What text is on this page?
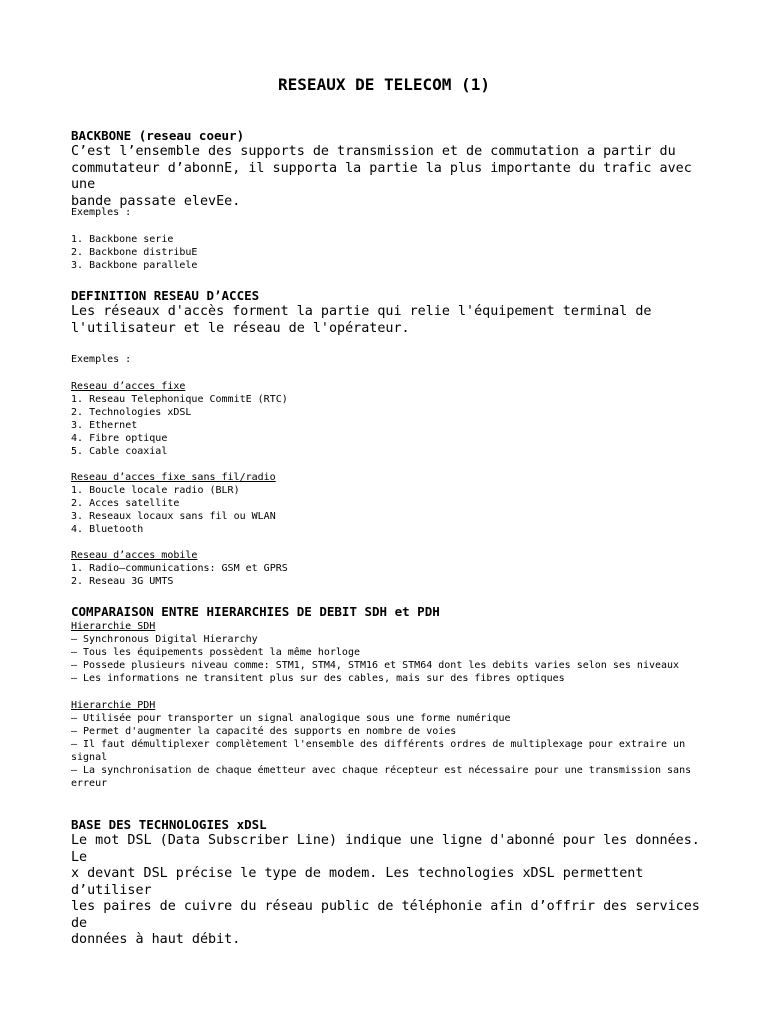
RESEAUX DE TELECOM (1)
BACKBONE (reseau coeur)
C’est l’ensemble des supports de transmission et de commutation a partir du
commutateur d’abonnE, il supporta la partie la plus importante du trafic avec une
bande passate elevEe.
Exemples :
1 . Backbone serie
2 . Backbone distribuE
3 . Backbone parallele
DEFINITION RESEAU D’ACCES
Les réseaux d'accès forment la partie qui relie l'équipement terminal de
l'utilisateur et le réseau de l'opérateur.
Exemples :
Reseau d’acces fixe
1 . Reseau Telephonique CommitE (RTC)
2 . Technologies xDSL
3 . Ethernet
4 . Fibre optique
5 . Cable coaxial
Reseau d’acces fixe sans fil/radio
1 . Boucle locale radio (BLR)
2 . Acces satellite
3 . Reseaux locaux sans fil ou WLAN
4 . Bluetooth
Reseau d’acces mobile
1 . Radio–communications: GSM et GPRS
2 . Reseau 3G UMTS
COMPARAISON ENTRE HIERARCHIES DE DEBIT SDH et PDH
Hierarchie SDH
– Synchronous Digital Hierarchy
– Tous les équipements possèdent la même horloge
– Possede plusieurs niveau comme: STM1, STM4, STM16 et STM64 dont les debits varies selon ses niveaux
– Les informations ne transitent plus sur des cables, mais sur des fibres optiques
Hierarchie PDH
– Utilisée pour transporter un signal analogique sous une forme numérique
– Permet d'augmenter la capacité des supports en nombre de voies
– Il faut démultiplexer complètement l'ensemble des différents ordres de multiplexage pour extraire un
signal
– La synchronisation de chaque émetteur avec chaque récepteur est nécessaire pour une transmission sans
erreur
BASE DES TECHNOLOGIES xDSL
Le mot DSL (Data Subscriber Line) indique une ligne d'abonné pour les données. Le
x devant DSL précise le type de modem. Les technologies xDSL permettent d’utiliser
les paires de cuivre du réseau public de téléphonie afin d’offrir des services de
données à haut débit.
